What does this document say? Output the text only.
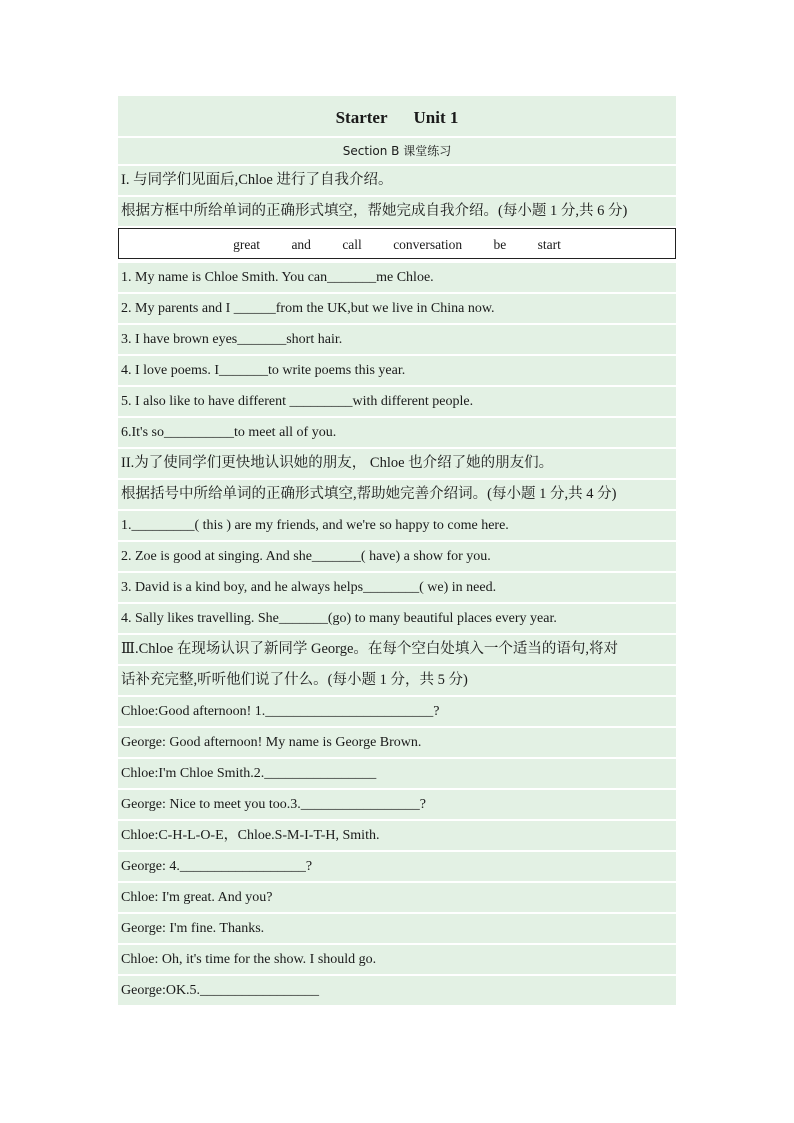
Starter Unit 1
Section B 课堂练习
I. 与同学们见面后,Chloe 进行了自我介绍。
根据方框中所给单词的正确形式填空，帮她完成自我介绍。(每小题 1 分,共 6 分)
great and call conversation be start
1. My name is Chloe Smith. You can_______me Chloe.
2. My parents and I ______from the UK,but we live in China now.
3. I have brown eyes_______short hair.
4. I love poems. I_______to write poems this year.
5. I also like to have different _________with different people.
6.It's so__________to meet all of you.
II.为了使同学们更快地认识她的朋友， Chloe 也介绍了她的朋友们。
根据括号中所给单词的正确形式填空,帮助她完善介绍词。(每小题 1 分,共 4 分)
1._________( this ) are my friends, and we're so happy to come here.
2. Zoe is good at singing. And she_______( have) a show for you.
3. David is a kind boy, and he always helps________( we) in need.
4. Sally likes travelling. She_______(go) to many beautiful places every year.
Ⅲ.Chloe 在现场认识了新同学 George。在每个空白处填入一个适当的语句,将对
话补充完整,听听他们说了什么。(每小题 1 分，共 5 分)
Chloe:Good afternoon! 1.________________________?
George: Good afternoon! My name is George Brown.
Chloe:I'm Chloe Smith.2.________________
George: Nice to meet you too.3._________________?
Chloe:C-H-L-O-E，Chloe.S-M-I-T-H, Smith.
George: 4.__________________?
Chloe: I'm great. And you?
George: I'm fine. Thanks.
Chloe: Oh, it's time for the show. I should go.
George:OK.5._________________
